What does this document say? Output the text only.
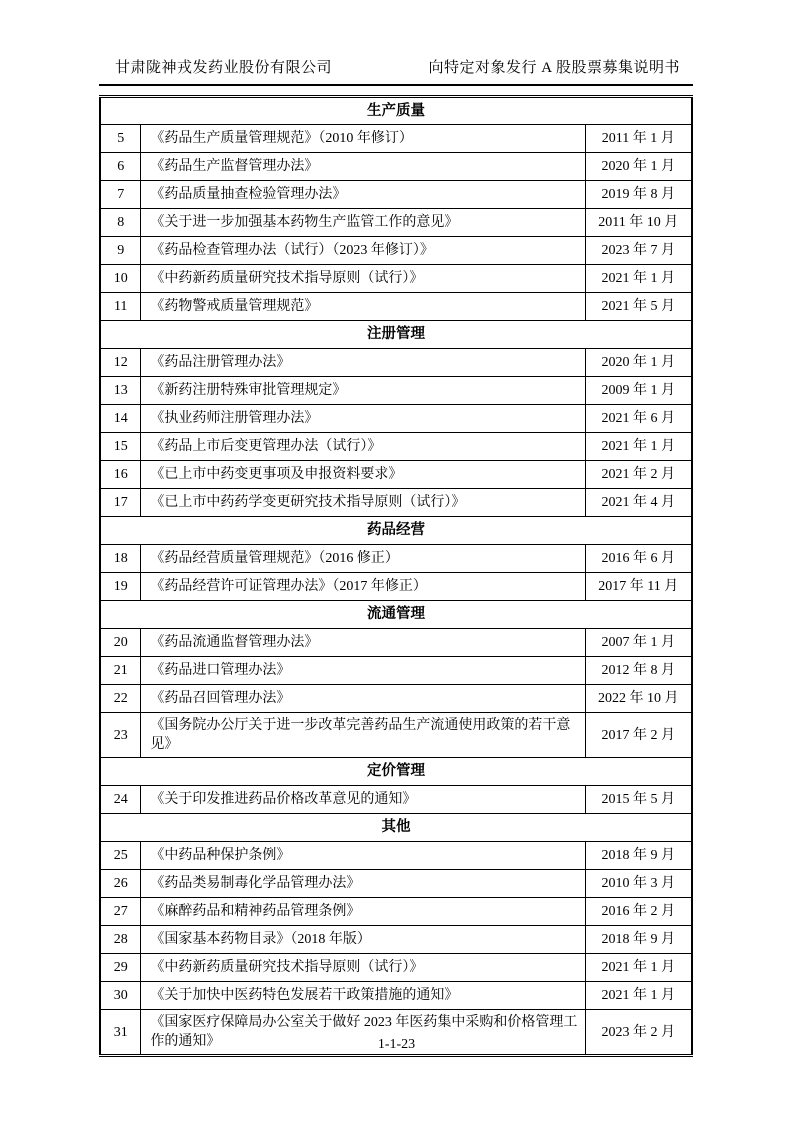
甘肃陇神戎发药业股份有限公司	向特定对象发行 A 股股票募集说明书
生产质量		
5	《药品生产质量管理规范》（2010 年修订）	2011 年 1 月
6	《药品生产监督管理办法》	2020 年 1 月
7	《药品质量抽查检验管理办法》	2019 年 8 月
8	《关于进一步加强基本药物生产监管工作的意见》	2011 年 10 月
9	《药品检查管理办法（试行）（2023 年修订）》	2023 年 7 月
10	《中药新药质量研究技术指导原则（试行）》	2021 年 1 月
11	《药物警戒质量管理规范》	2021 年 5 月
注册管理		
12	《药品注册管理办法》	2020 年 1 月
13	《新药注册特殊审批管理规定》	2009 年 1 月
14	《执业药师注册管理办法》	2021 年 6 月
15	《药品上市后变更管理办法（试行）》	2021 年 1 月
16	《已上市中药变更事项及申报资料要求》	2021 年 2 月
17	《已上市中药药学变更研究技术指导原则（试行）》	2021 年 4 月
药品经营		
18	《药品经营质量管理规范》（2016 修正）	2016 年 6 月
19	《药品经营许可证管理办法》（2017 年修正）	2017 年 11 月
流通管理		
20	《药品流通监督管理办法》	2007 年 1 月
21	《药品进口管理办法》	2012 年 8 月
22	《药品召回管理办法》	2022 年 10 月
23	《国务院办公厅关于进一步改革完善药品生产流通使用政策的若干意见》	2017 年 2 月
定价管理		
24	《关于印发推进药品价格改革意见的通知》	2015 年 5 月
其他		
25	《中药品种保护条例》	2018 年 9 月
26	《药品类易制毒化学品管理办法》	2010 年 3 月
27	《麻醉药品和精神药品管理条例》	2016 年 2 月
28	《国家基本药物目录》（2018 年版）	2018 年 9 月
29	《中药新药质量研究技术指导原则（试行）》	2021 年 1 月
30	《关于加快中医药特色发展若干政策措施的通知》	2021 年 1 月
31	《国家医疗保障局办公室关于做好 2023 年医药集中采购和价格管理工作的通知》	2023 年 2 月
1-1-23
